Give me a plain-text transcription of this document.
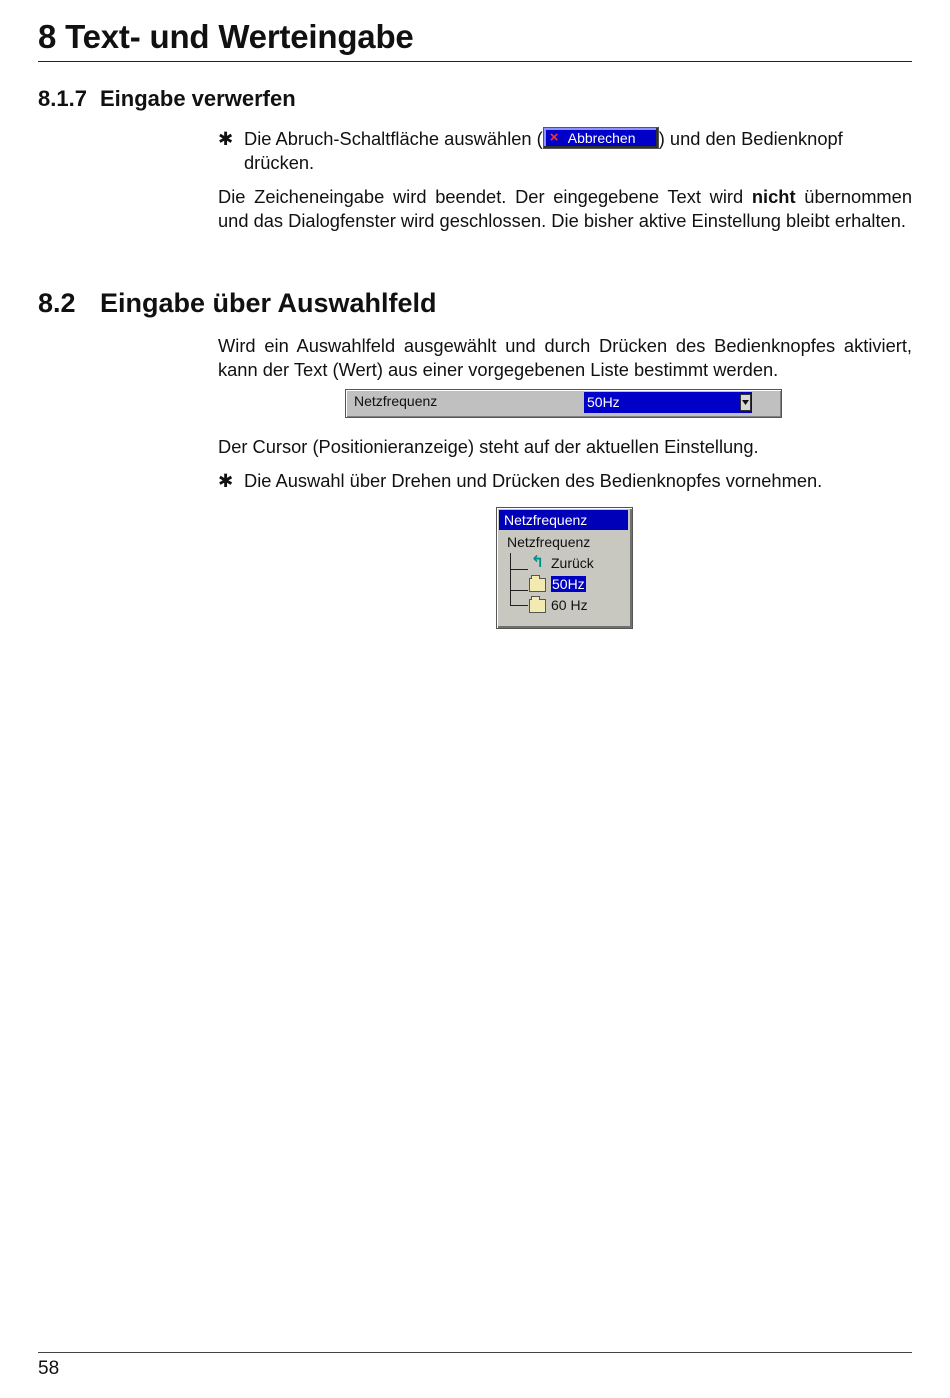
8 Text- und Werteingabe
8.1.7 Eingabe verwerfen
✱ Die Abruch-Schaltfläche auswählen ( × Abbrechen ) und den Bedienknopf drücken.
Die Zeicheneingabe wird beendet. Der eingegebene Text wird nicht übernommen und das Dialogfenster wird geschlossen. Die bisher aktive Einstellung bleibt erhalten.
8.2 Eingabe über Auswahlfeld
Wird ein Auswahlfeld ausgewählt und durch Drücken des Bedienknopfes aktiviert, kann der Text (Wert) aus einer vorgegebenen Liste bestimmt werden.
Netzfrequenz	50Hz
Der Cursor (Positionieranzeige) steht auf der aktuellen Einstellung.
✱ Die Auswahl über Drehen und Drücken des Bedienknopfes vornehmen.
Netzfrequenz
Netzfrequenz
↰ Zurück
50Hz
60 Hz
58
